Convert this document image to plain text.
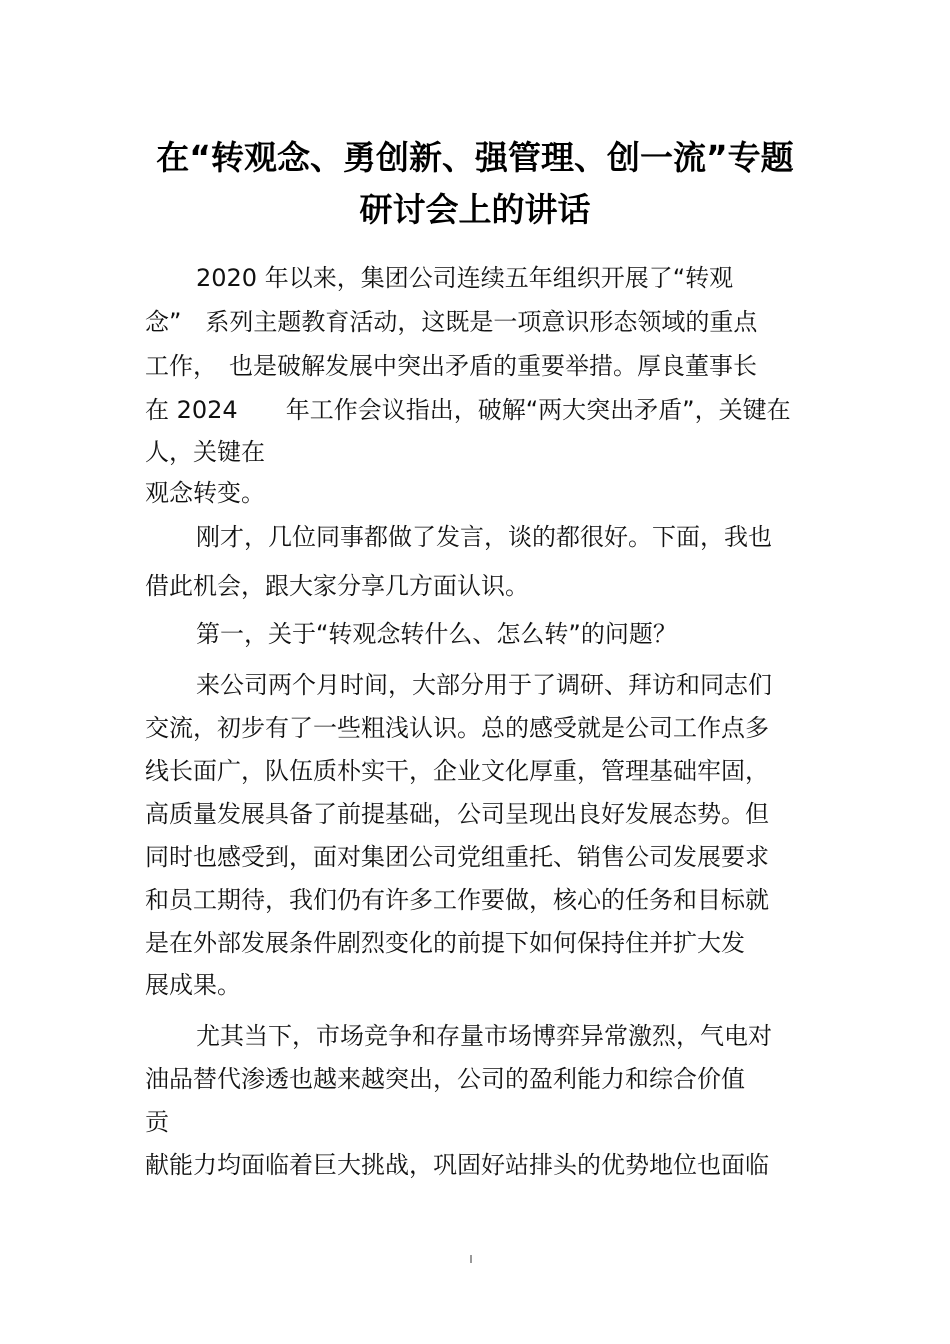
在“转观念、勇创新、强管理、创一流”专题
研讨会上的讲话
2020 年以来，集团公司连续五年组织开展了“转观
念”　系列主题教育活动，这既是一项意识形态领域的重点
工作，　也是破解发展中突出矛盾的重要举措。厚良董事长
在 2024　　年工作会议指出，破解“两大突出矛盾”，关键在
人，关键在
观念转变。
刚才，几位同事都做了发言，谈的都很好。下面，我也
借此机会，跟大家分享几方面认识。
第一，关于“转观念转什么、怎么转”的问题？
来公司两个月时间，大部分用于了调研、拜访和同志们
交流，初步有了一些粗浅认识。总的感受就是公司工作点多
线长面广，队伍质朴实干，企业文化厚重，管理基础牢固，
高质量发展具备了前提基础，公司呈现出良好发展态势。但
同时也感受到，面对集团公司党组重托、销售公司发展要求
和员工期待，我们仍有许多工作要做，核心的任务和目标就
是在外部发展条件剧烈变化的前提下如何保持住并扩大发
展成果。
尤其当下，市场竞争和存量市场博弈异常激烈，气电对
油品替代渗透也越来越突出，公司的盈利能力和综合价值
贡
献能力均面临着巨大挑战，巩固好站排头的优势地位也面临
